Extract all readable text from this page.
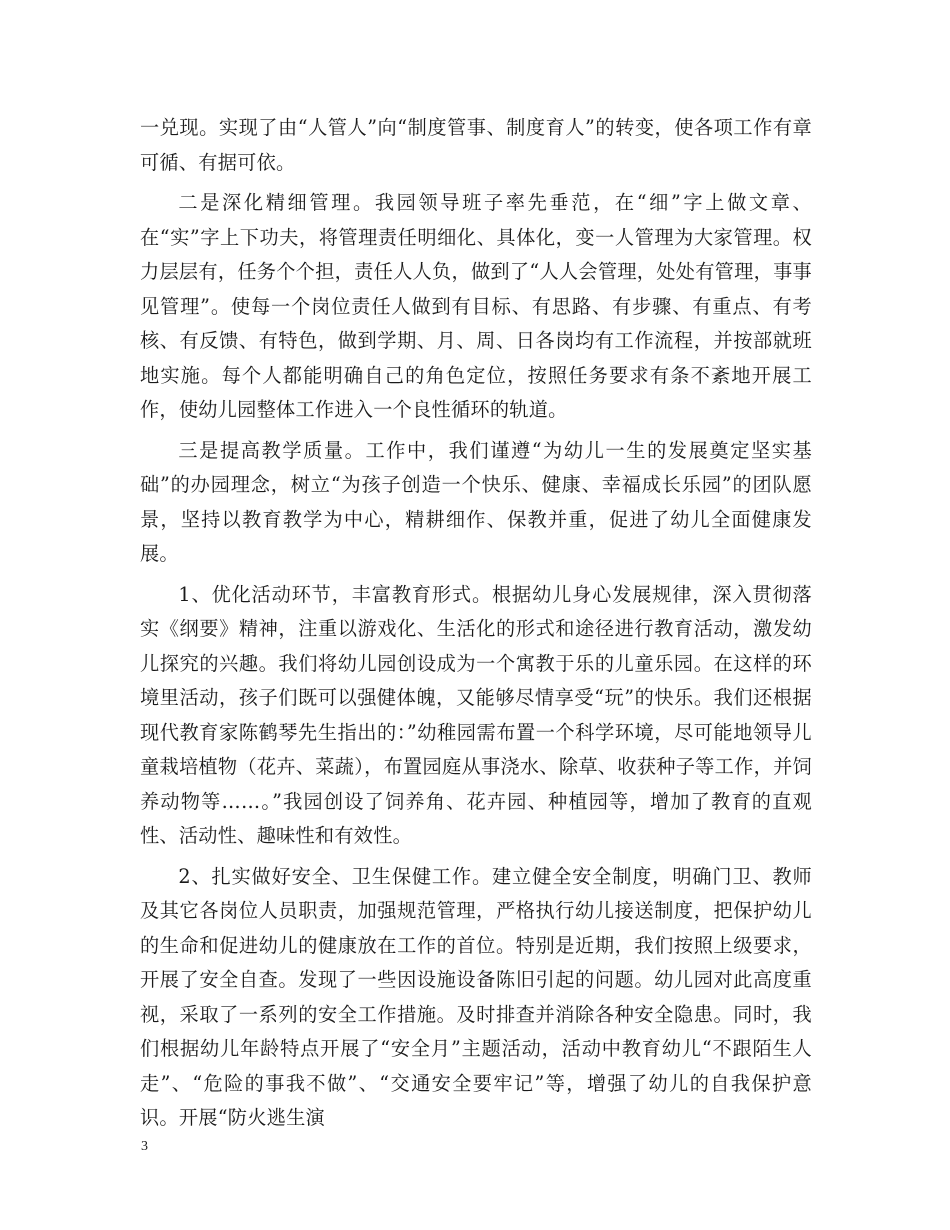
一兑现。实现了由“人管人”向“制度管事、制度育人”的转变，使各项工作有章可循、有据可依。

二是深化精细管理。我园领导班子率先垂范，在“细”字上做文章、在“实”字上下功夫，将管理责任明细化、具体化，变一人管理为大家管理。权力层层有，任务个个担，责任人人负，做到了“人人会管理，处处有管理，事事见管理”。使每一个岗位责任人做到有目标、有思路、有步骤、有重点、有考核、有反馈、有特色，做到学期、月、周、日各岗均有工作流程，并按部就班地实施。每个人都能明确自己的角色定位，按照任务要求有条不紊地开展工作，使幼儿园整体工作进入一个良性循环的轨道。

三是提高教学质量。工作中，我们谨遵“为幼儿一生的发展奠定坚实基础”的办园理念，树立“为孩子创造一个快乐、健康、幸福成长乐园”的团队愿景，坚持以教育教学为中心，精耕细作、保教并重，促进了幼儿全面健康发展。

1、优化活动环节，丰富教育形式。根据幼儿身心发展规律，深入贯彻落实《纲要》精神，注重以游戏化、生活化的形式和途径进行教育活动，激发幼儿探究的兴趣。我们将幼儿园创设成为一个寓教于乐的儿童乐园。在这样的环境里活动，孩子们既可以强健体魄，又能够尽情享受“玩”的快乐。我们还根据现代教育家陈鹤琴先生指出的：”幼稚园需布置一个科学环境，尽可能地领导儿童栽培植物（花卉、菜蔬），布置园庭从事浇水、除草、收获种子等工作，并饲养动物等……。”我园创设了饲养角、花卉园、种植园等，增加了教育的直观性、活动性、趣味性和有效性。

2、扎实做好安全、卫生保健工作。建立健全安全制度，明确门卫、教师及其它各岗位人员职责，加强规范管理，严格执行幼儿接送制度，把保护幼儿的生命和促进幼儿的健康放在工作的首位。特别是近期，我们按照上级要求，开展了安全自查。发现了一些因设施设备陈旧引起的问题。幼儿园对此高度重视，采取了一系列的安全工作措施。及时排查并消除各种安全隐患。同时，我们根据幼儿年龄特点开展了“安全月”主题活动，活动中教育幼儿“不跟陌生人走”、“危险的事我不做”、“交通安全要牢记”等，增强了幼儿的自我保护意识。开展“防火逃生演

3
